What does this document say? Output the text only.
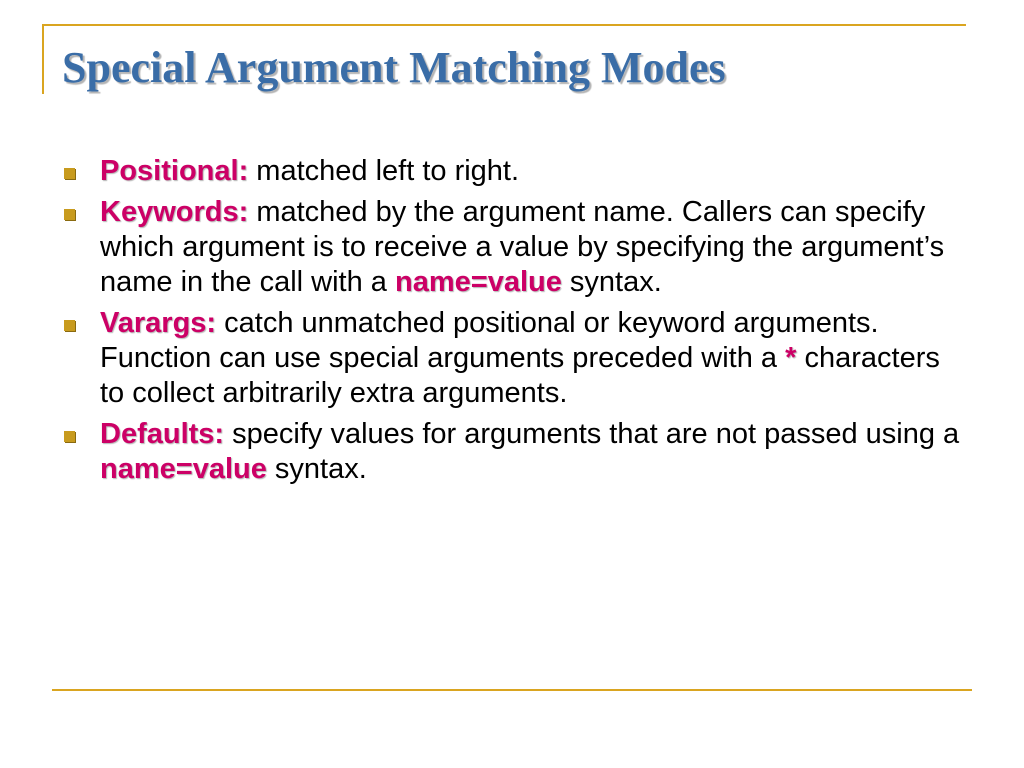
Special Argument Matching Modes
Positional: matched left to right.
Keywords: matched by the argument name. Callers can specify which argument is to receive a value by specifying the argument’s name in the call with a name=value syntax.
Varargs: catch unmatched positional or keyword arguments. Function can use special arguments preceded with a * characters to collect arbitrarily extra arguments.
Defaults: specify values for arguments that are not passed using a name=value syntax.
